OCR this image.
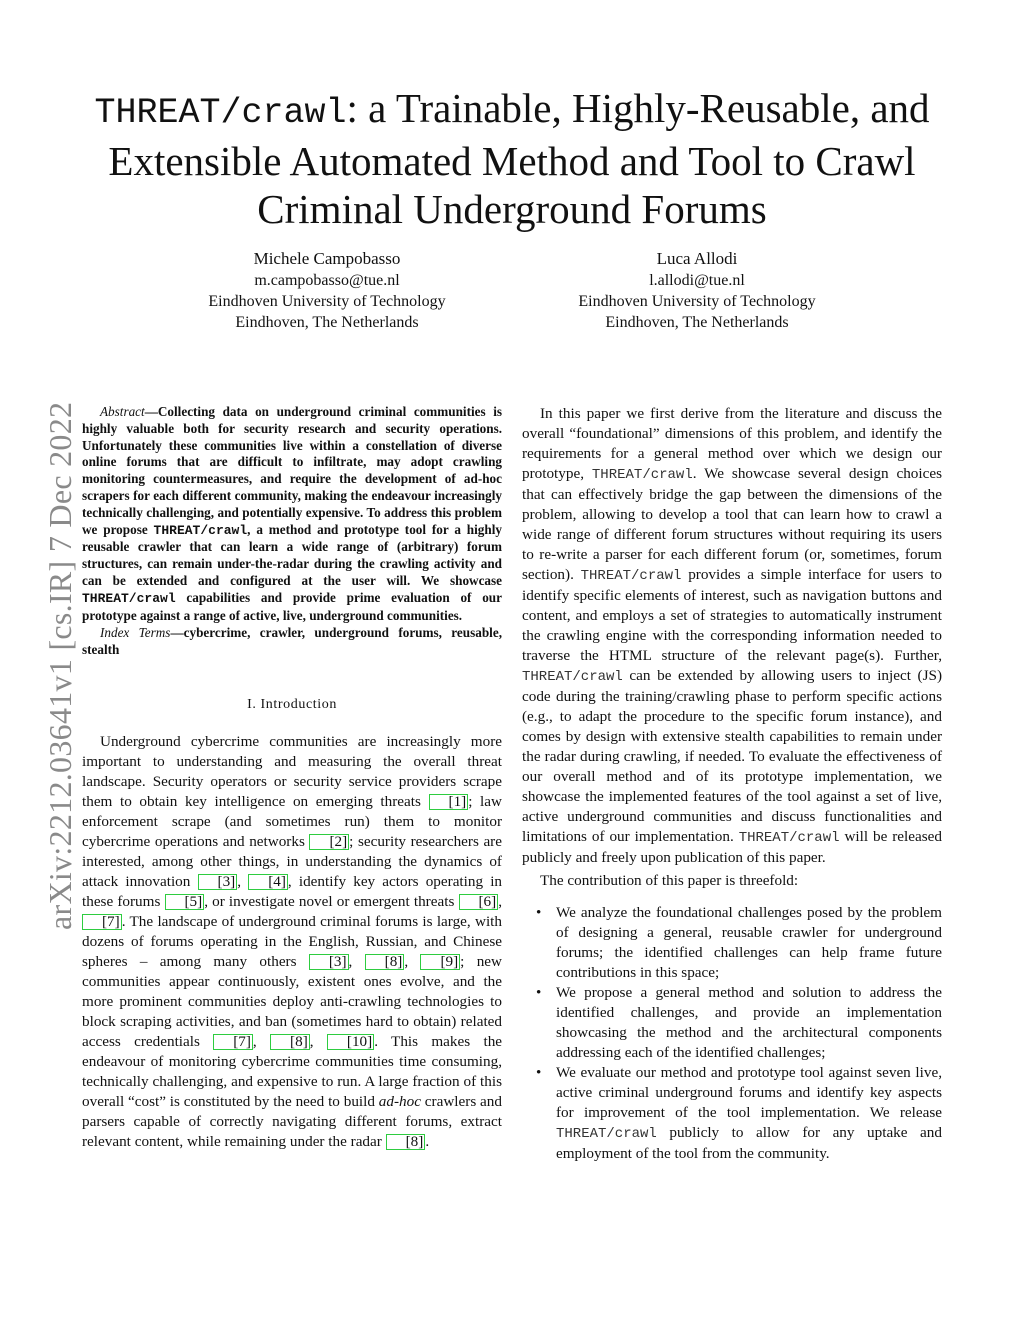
arXiv:2212.03641v1 [cs.IR] 7 Dec 2022
THREAT/crawl: a Trainable, Highly-Reusable, and Extensible Automated Method and Tool to Crawl Criminal Underground Forums
Michele Campobasso
m.campobasso@tue.nl
Eindhoven University of Technology
Eindhoven, The Netherlands
Luca Allodi
l.allodi@tue.nl
Eindhoven University of Technology
Eindhoven, The Netherlands

Abstract—Collecting data on underground criminal communities is highly valuable both for security research and security operations. Unfortunately these communities live within a constellation of diverse online forums that are difficult to infiltrate, may adopt crawling monitoring countermeasures, and require the development of ad-hoc scrapers for each different community, making the endeavour increasingly technically challenging, and potentially expensive. To address this problem we propose THREAT/crawl, a method and prototype tool for a highly reusable crawler that can learn a wide range of (arbitrary) forum structures, can remain under-the-radar during the crawling activity and can be extended and configured at the user will. We showcase THREAT/crawl capabilities and provide prime evaluation of our prototype against a range of active, live, underground communities.

Index Terms—cybercrime, crawler, underground forums, reusable, stealth

I. Introduction

Underground cybercrime communities are increasingly more important to understanding and measuring the overall threat landscape. Security operators or security service providers scrape them to obtain key intelligence on emerging threats [1] ; law enforcement scrape (and sometimes run) them to monitor cybercrime operations and networks [2] ; security researchers are interested, among other things, in understanding the dynamics of attack innovation [3] , [4] , identify key actors operating in these forums [5] , or investigate novel or emergent threats [6] , [7] . The landscape of underground criminal forums is large, with dozens of forums operating in the English, Russian, and Chinese spheres – among many others [3] , [8] , [9] ; new communities appear continuously, existent ones evolve, and the more prominent communities deploy anti-crawling technologies to block scraping activities, and ban (sometimes hard to obtain) related access credentials [7] , [8] , [10] . This makes the endeavour of monitoring cybercrime communities time consuming, technically challenging, and expensive to run. A large fraction of this overall “cost” is constituted by the need to build ad-hoc crawlers and parsers capable of correctly navigating different forums, extract relevant content, while remaining under the radar [8] .

In this paper we first derive from the literature and discuss the overall “foundational” dimensions of this problem, and identify the requirements for a general method over which we design our prototype, THREAT/crawl. We showcase several design choices that can effectively bridge the gap between the dimensions of the problem, allowing to develop a tool that can learn how to crawl a wide range of different forum structures without requiring its users to re-write a parser for each different forum (or, sometimes, forum section). THREAT/crawl provides a simple interface for users to identify specific elements of interest, such as navigation buttons and content, and employs a set of strategies to automatically instrument the crawling engine with the corresponding information needed to traverse the HTML structure of the relevant page(s). Further, THREAT/crawl can be extended by allowing users to inject (JS) code during the training/crawling phase to perform specific actions (e.g., to adapt the procedure to the specific forum instance), and comes by design with extensive stealth capabilities to remain under the radar during crawling, if needed. To evaluate the effectiveness of our overall method and of its prototype implementation, we showcase the implemented features of the tool against a set of live, active underground communities and discuss functionalities and limitations of our implementation. THREAT/crawl will be released publicly and freely upon publication of this paper.

The contribution of this paper is threefold:

• We analyze the foundational challenges posed by the problem of designing a general, reusable crawler for underground forums; the identified challenges can help frame future contributions in this space;
• We propose a general method and solution to address the identified challenges, and provide an implementation showcasing the method and the architectural components addressing each of the identified challenges;
• We evaluate our method and prototype tool against seven live, active criminal underground forums and identify key aspects for improvement of the tool implementation. We release THREAT/crawl publicly to allow for any uptake and employment of the tool from the community.
